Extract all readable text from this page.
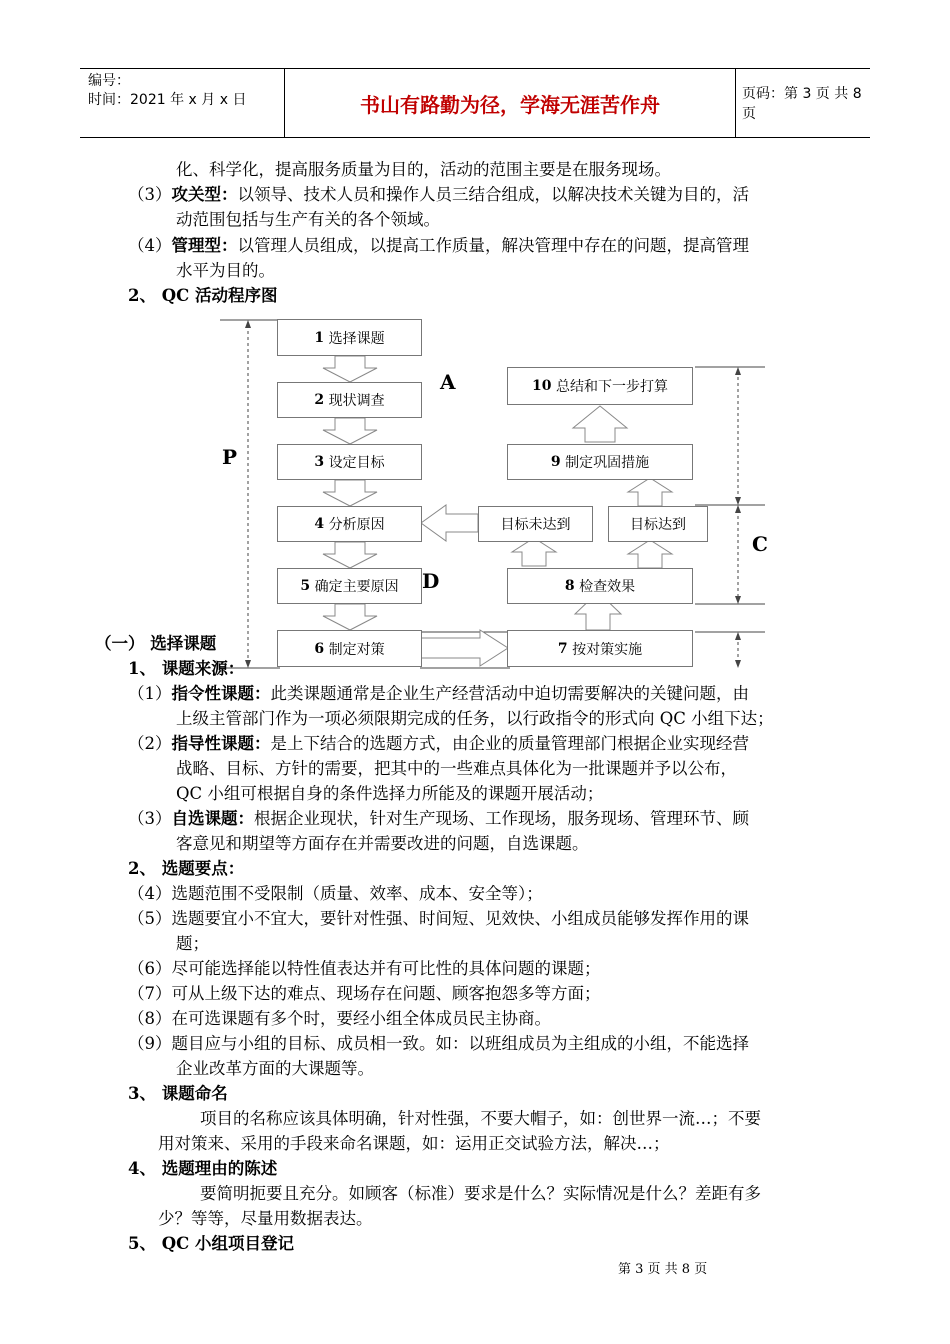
编号：
时间：2021 年 x 月 x 日	书山有路勤为径，学海无涯苦作舟	页码：第 3 页 共 8 页
化、科学化，提高服务质量为目的，活动的范围主要是在服务现场。
（3）攻关型：以领导、技术人员和操作人员三结合组成，以解决技术关键为目的，活
动范围包括与生产有关的各个领域。
（4）管理型：以管理人员组成，以提高工作质量，解决管理中存在的问题，提高管理
水平为目的。
2、 QC 活动程序图
1
选择课题
2
现状调查
3
设定目标
4
分析原因
5
确定主要原因
6
制定对策	7
按对策实施
8
检查效果
目标未达到	目标达到
9
制定巩固措施
10
总结和下一步打算
P
D
C
A
（一） 选择课题
1、 课题来源：
（1）指令性课题：此类课题通常是企业生产经营活动中迫切需要解决的关键问题，由
上级主管部门作为一项必须限期完成的任务，以行政指令的形式向 QC 小组下达；
（2）指导性课题：是上下结合的选题方式，由企业的质量管理部门根据企业实现经营
战略、目标、方针的需要，把其中的一些难点具体化为一批课题并予以公布，
QC 小组可根据自身的条件选择力所能及的课题开展活动；
（3）自选课题：根据企业现状，针对生产现场、工作现场，服务现场、管理环节、顾
客意见和期望等方面存在并需要改进的问题，自选课题。
2、 选题要点：
（4）选题范围不受限制（质量、效率、成本、安全等）；
（5）选题要宜小不宜大，要针对性强、时间短、见效快、小组成员能够发挥作用的课
题；
（6）尽可能选择能以特性值表达并有可比性的具体问题的课题；
（7）可从上级下达的难点、现场存在问题、顾客抱怨多等方面；
（8）在可选课题有多个时，要经小组全体成员民主协商。
（9）题目应与小组的目标、成员相一致。如：以班组成员为主组成的小组，不能选择
企业改革方面的大课题等。
3、 课题命名
项目的名称应该具体明确，针对性强，不要大帽子，如：创世界一流…；不要
用对策来、采用的手段来命名课题，如：运用正交试验方法，解决…；
4、 选题理由的陈述
要简明扼要且充分。如顾客（标准）要求是什么？实际情况是什么？差距有多
少？等等，尽量用数据表达。
5、 QC 小组项目登记
第 3 页 共 8 页
